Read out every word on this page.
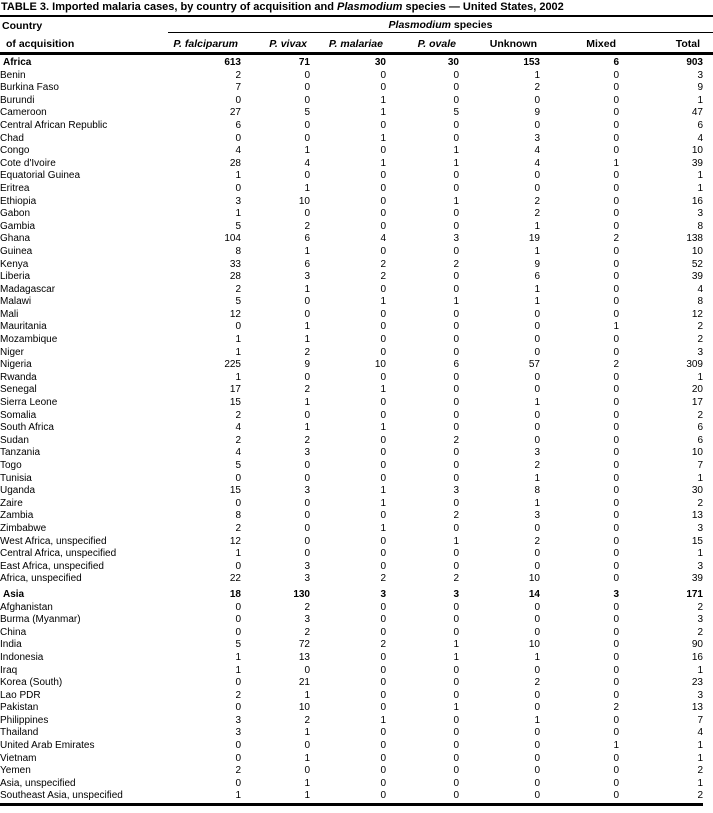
TABLE 3. Imported malaria cases, by country of acquisition and Plasmodium species — United States, 2002
Country	Plasmodium species
of acquisition	P. falciparum	P. vivax	P. malariae	P. ovale	Unknown	Mixed	Total
Africa	613	71	30	30	153	6	903
Benin	2	0	0	0	1	0	3
Burkina Faso	7	0	0	0	2	0	9
Burundi	0	0	1	0	0	0	1
Cameroon	27	5	1	5	9	0	47
Central African Republic	6	0	0	0	0	0	6
Chad	0	0	1	0	3	0	4
Congo	4	1	0	1	4	0	10
Cote d'Ivoire	28	4	1	1	4	1	39
Equatorial Guinea	1	0	0	0	0	0	1
Eritrea	0	1	0	0	0	0	1
Ethiopia	3	10	0	1	2	0	16
Gabon	1	0	0	0	2	0	3
Gambia	5	2	0	0	1	0	8
Ghana	104	6	4	3	19	2	138
Guinea	8	1	0	0	1	0	10
Kenya	33	6	2	2	9	0	52
Liberia	28	3	2	0	6	0	39
Madagascar	2	1	0	0	1	0	4
Malawi	5	0	1	1	1	0	8
Mali	12	0	0	0	0	0	12
Mauritania	0	1	0	0	0	1	2
Mozambique	1	1	0	0	0	0	2
Niger	1	2	0	0	0	0	3
Nigeria	225	9	10	6	57	2	309
Rwanda	1	0	0	0	0	0	1
Senegal	17	2	1	0	0	0	20
Sierra Leone	15	1	0	0	1	0	17
Somalia	2	0	0	0	0	0	2
South Africa	4	1	1	0	0	0	6
Sudan	2	2	0	2	0	0	6
Tanzania	4	3	0	0	3	0	10
Togo	5	0	0	0	2	0	7
Tunisia	0	0	0	0	1	0	1
Uganda	15	3	1	3	8	0	30
Zaire	0	0	1	0	1	0	2
Zambia	8	0	0	2	3	0	13
Zimbabwe	2	0	1	0	0	0	3
West Africa, unspecified	12	0	0	1	2	0	15
Central Africa, unspecified	1	0	0	0	0	0	1
East Africa, unspecified	0	3	0	0	0	0	3
Africa, unspecified	22	3	2	2	10	0	39
Asia	18	130	3	3	14	3	171
Afghanistan	0	2	0	0	0	0	2
Burma (Myanmar)	0	3	0	0	0	0	3
China	0	2	0	0	0	0	2
India	5	72	2	1	10	0	90
Indonesia	1	13	0	1	1	0	16
Iraq	1	0	0	0	0	0	1
Korea (South)	0	21	0	0	2	0	23
Lao PDR	2	1	0	0	0	0	3
Pakistan	0	10	0	1	0	2	13
Philippines	3	2	1	0	1	0	7
Thailand	3	1	0	0	0	0	4
United Arab Emirates	0	0	0	0	0	1	1
Vietnam	0	1	0	0	0	0	1
Yemen	2	0	0	0	0	0	2
Asia, unspecified	0	1	0	0	0	0	1
Southeast Asia, unspecified	1	1	0	0	0	0	2
